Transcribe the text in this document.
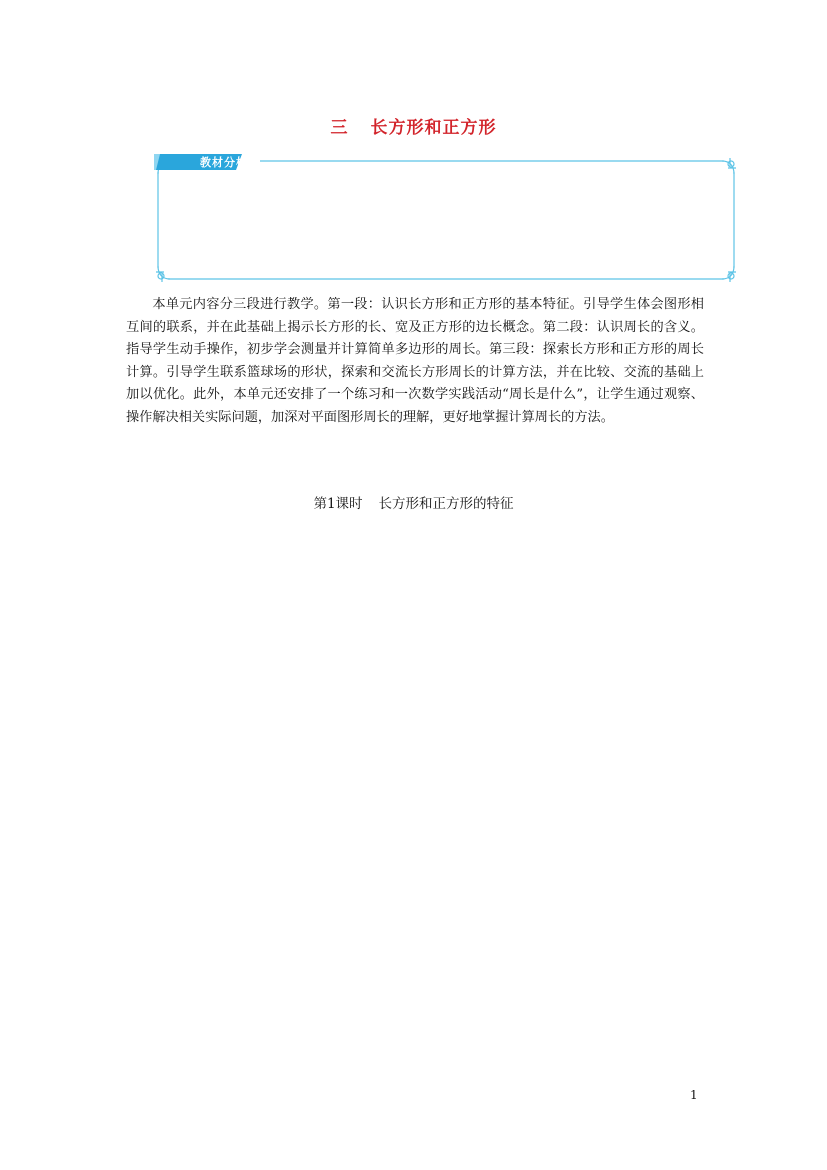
三 长方形和正方形
教材分析

本单元内容分三段进行教学。第一段：认识长方形和正方形的基本特征。引导学生体会图形相互间的联系，并在此基础上揭示长方形的长、宽及正方形的边长概念。第二段：认识周长的含义。指导学生动手操作，初步学会测量并计算简单多边形的周长。第三段：探索长方形和正方形的周长计算。引导学生联系篮球场的形状，探索和交流长方形周长的计算方法，并在比较、交流的基础上加以优化。此外，本单元还安排了一个练习和一次数学实践活动“周长是什么”，让学生通过观察、操作解决相关实际问题，加深对平面图形周长的理解，更好地掌握计算周长的方法。

第1课时 长方形和正方形的特征
1
